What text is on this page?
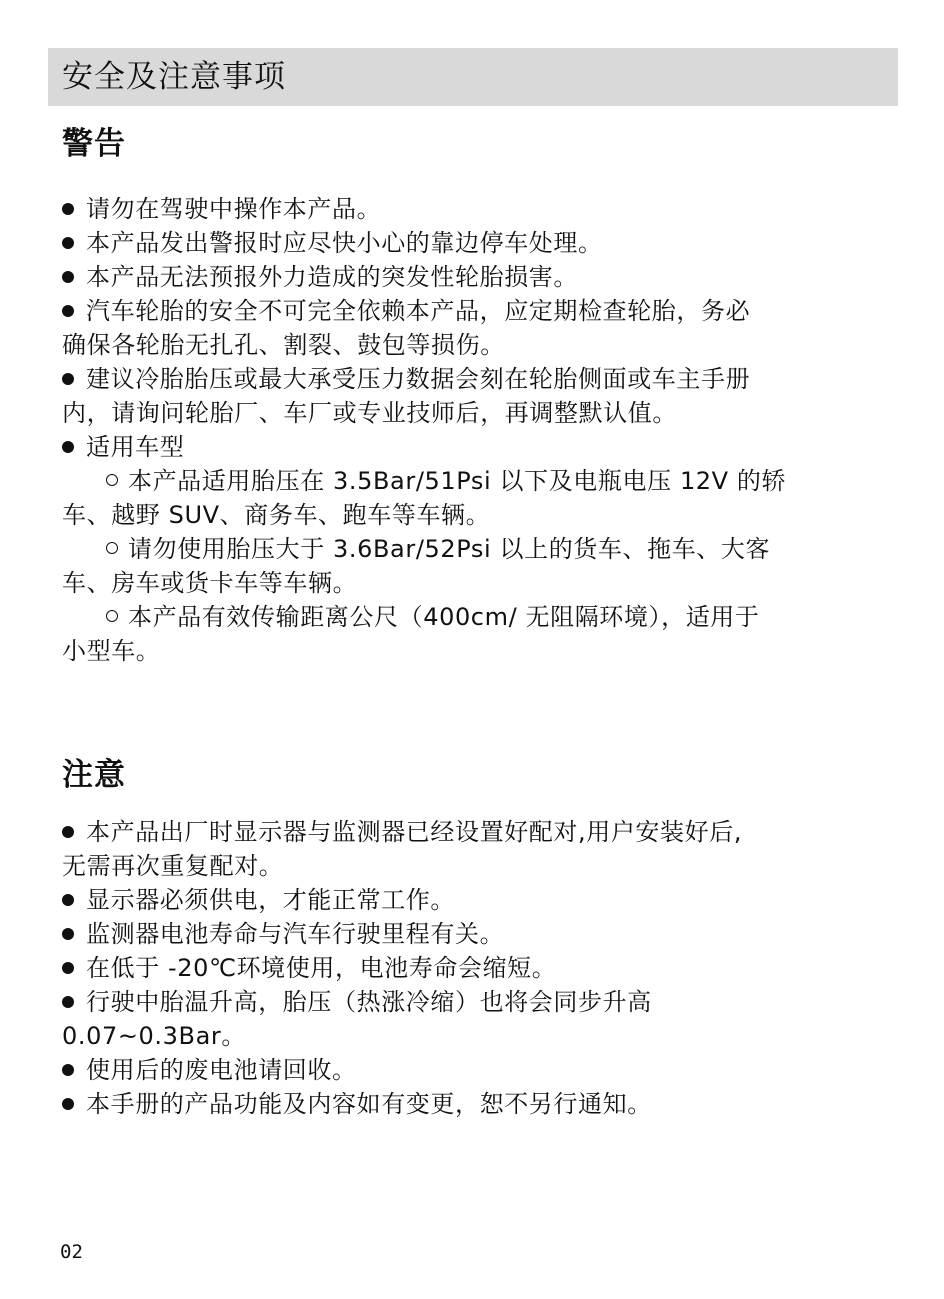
安全及注意事项
警告
请勿在驾驶中操作本产品。
本产品发出警报时应尽快小心的靠边停车处理。
本产品无法预报外力造成的突发性轮胎损害。
汽车轮胎的安全不可完全依赖本产品，应定期检查轮胎，务必
确保各轮胎无扎孔、割裂、鼓包等损伤。
建议冷胎胎压或最大承受压力数据会刻在轮胎侧面或车主手册
内，请询问轮胎厂、车厂或专业技师后，再调整默认值。
适用车型
本产品适用胎压在 3.5Bar/51Psi 以下及电瓶电压 12V 的轿
车、越野 SUV、商务车、跑车等车辆。
请勿使用胎压大于 3.6Bar/52Psi 以上的货车、拖车、大客
车、房车或货卡车等车辆。
本产品有效传输距离公尺（400cm/ 无阻隔环境），适用于
小型车。
注意
本产品出厂时显示器与监测器已经设置好配对,用户安装好后,
无需再次重复配对。
显示器必须供电，才能正常工作。
监测器电池寿命与汽车行驶里程有关。
在低于 -20℃环境使用，电池寿命会缩短。
行驶中胎温升高，胎压（热涨冷缩）也将会同步升高
0.07~0.3Bar。
使用后的废电池请回收。
本手册的产品功能及内容如有变更，恕不另行通知。
02
